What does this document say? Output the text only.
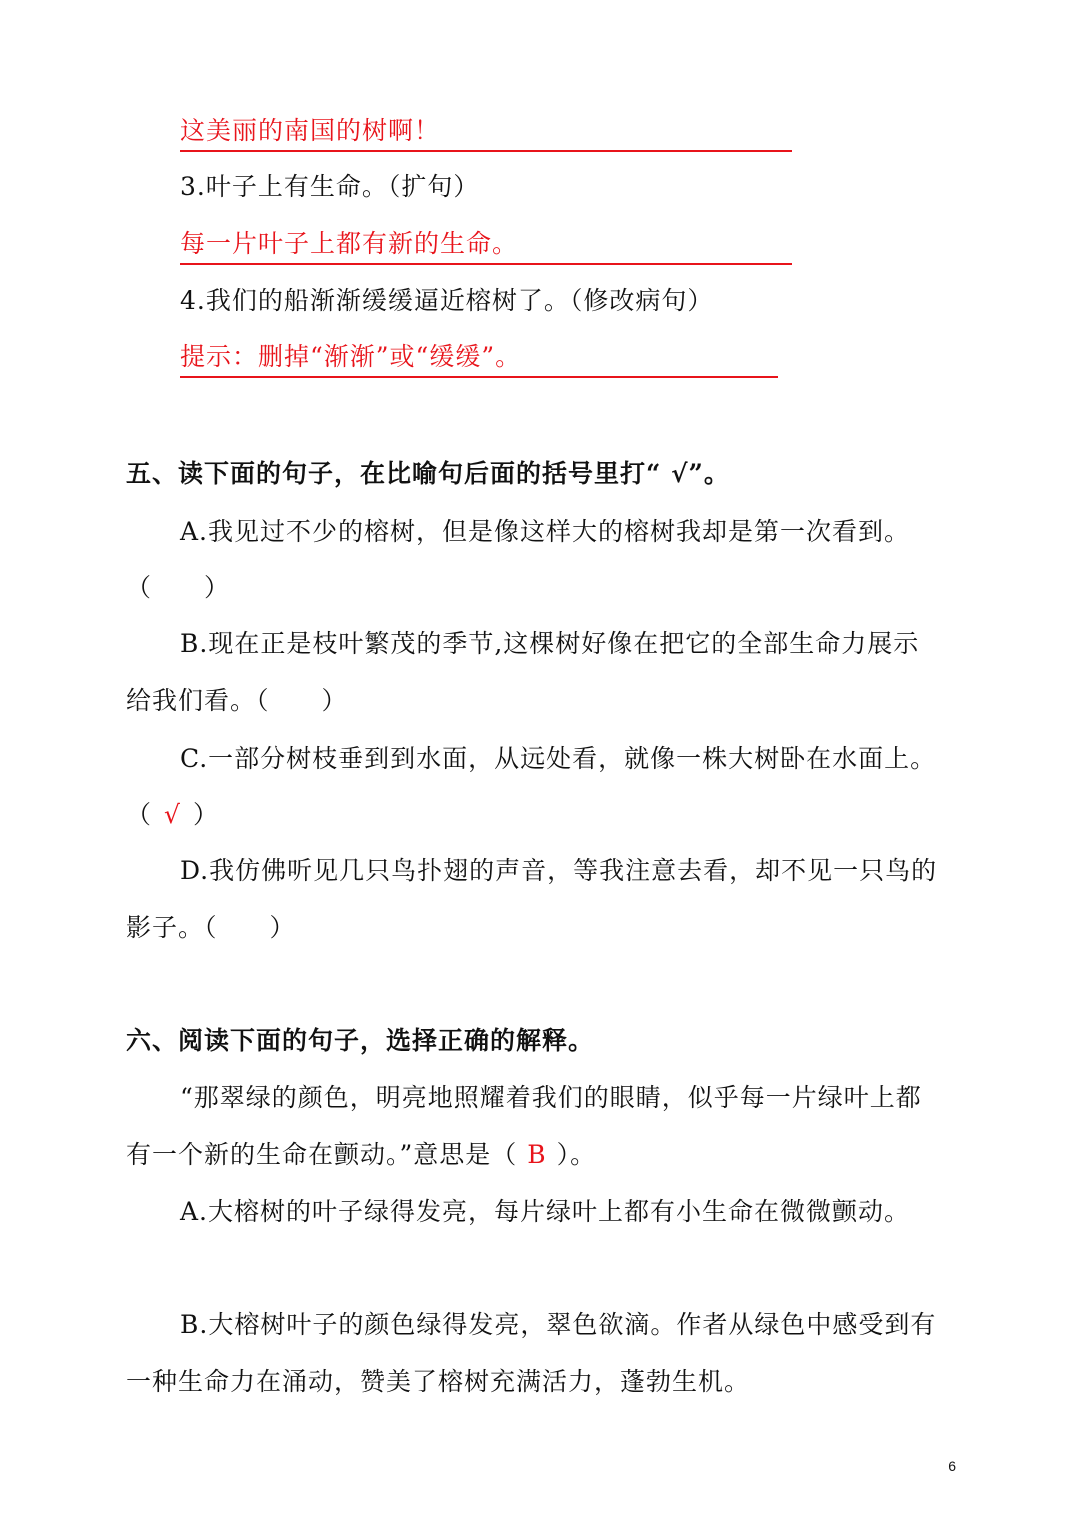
这美丽的南国的树啊！
3.叶子上有生命。（扩句）
每一片叶子上都有新的生命。
4.我们的船渐渐缓缓逼近榕树了。（修改病句）
提示：删掉“渐渐”或“缓缓”。
五、读下面的句子，在比喻句后面的括号里打“ √”。
A.我见过不少的榕树，但是像这样大的榕树我却是第一次看到。
（ ）
B.现在正是枝叶繁茂的季节,这棵树好像在把它的全部生命力展示
给我们看。（ ）
C.一部分树枝垂到到水面，从远处看，就像一株大树卧在水面上。
（ √ ）
D.我仿佛听见几只鸟扑翅的声音，等我注意去看，却不见一只鸟的
影子。（ ）
六、阅读下面的句子，选择正确的解释。
“那翠绿的颜色，明亮地照耀着我们的眼睛，似乎每一片绿叶上都
有一个新的生命在颤动。”意思是（ B ）。
A.大榕树的叶子绿得发亮，每片绿叶上都有小生命在微微颤动。
B.大榕树叶子的颜色绿得发亮，翠色欲滴。作者从绿色中感受到有
一种生命力在涌动，赞美了榕树充满活力，蓬勃生机。
6
